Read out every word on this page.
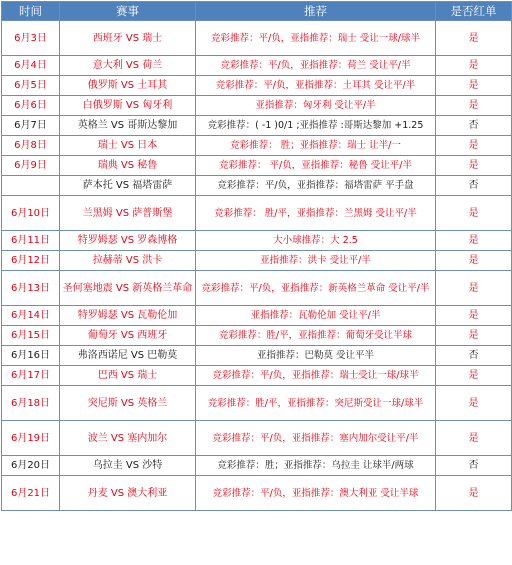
时间	赛事	推荐	是否红单
6月3日	西班牙 VS 瑞士	竞彩推荐：平/负，亚指推荐：瑞士 受让一球/球半	是
6月4日	意大利 VS 荷兰	竞彩推荐：平/负，亚指推荐：荷兰 受让平/半	是
6月5日	俄罗斯 VS 土耳其	竞彩推荐：平/负，亚指推荐：土耳其 受让平/半	是
6月6日	白俄罗斯 VS 匈牙利	亚指推荐：匈牙利 受让平/半	是
6月7日	英格兰 VS 哥斯达黎加	竞彩推荐：( -1 )0/1 ;亚指推荐 :哥斯达黎加 +1.25	否
6月8日	瑞士 VS 日本	竞彩推荐： 胜；亚指推荐：瑞士 让半/一	是
6月9日	瑞典 VS 秘鲁	竞彩推荐： 平/负，亚指推荐：秘鲁 受让平/半	是
	萨本托 VS 福塔雷萨	竞彩推荐：平/负，亚指推荐：福塔雷萨 平手盘	否
6月10日	兰黑姆 VS 萨普斯堡	竞彩推荐： 胜/平，亚指推荐：兰黑姆 受让平/半	是
6月11日	特罗姆瑟 VS 罗森博格	大小球推荐：大 2.5	是
6月12日	拉赫蒂 VS 洪卡	亚指推荐：洪卡 受让平/半	是
6月13日	圣何塞地震 VS 新英格兰革命	竞彩推荐：平/负，亚指推荐：新英格兰革命 受让平/半	是
6月14日	特罗姆瑟 VS 瓦勒伦加	亚指推荐：瓦勒伦加 受让平/半	是
6月15日	葡萄牙 VS 西班牙	竞彩推荐：胜/平，亚指推荐：葡萄牙受让半球	是
6月16日	弗洛西诺尼 VS 巴勒莫	亚指推荐：巴勒莫 受让平半	否
6月17日	巴西 VS 瑞士	竞彩推荐：平/负，亚指推荐：瑞士受让一球/球半	是
6月18日	突尼斯 VS 英格兰	竞彩推荐：胜/平，亚指推荐：突尼斯受让一球/球半	是
6月19日	波兰 VS 塞内加尔	竞彩推荐：平/负，亚指推荐：塞内加尔受让平/半	是
6月20日	乌拉圭 VS 沙特	竞彩推荐：胜；亚指推荐：乌拉圭 让球半/两球	否
6月21日	丹麦 VS 澳大利亚	竞彩推荐：平/负，亚指推荐：澳大利亚 受让半球	是
